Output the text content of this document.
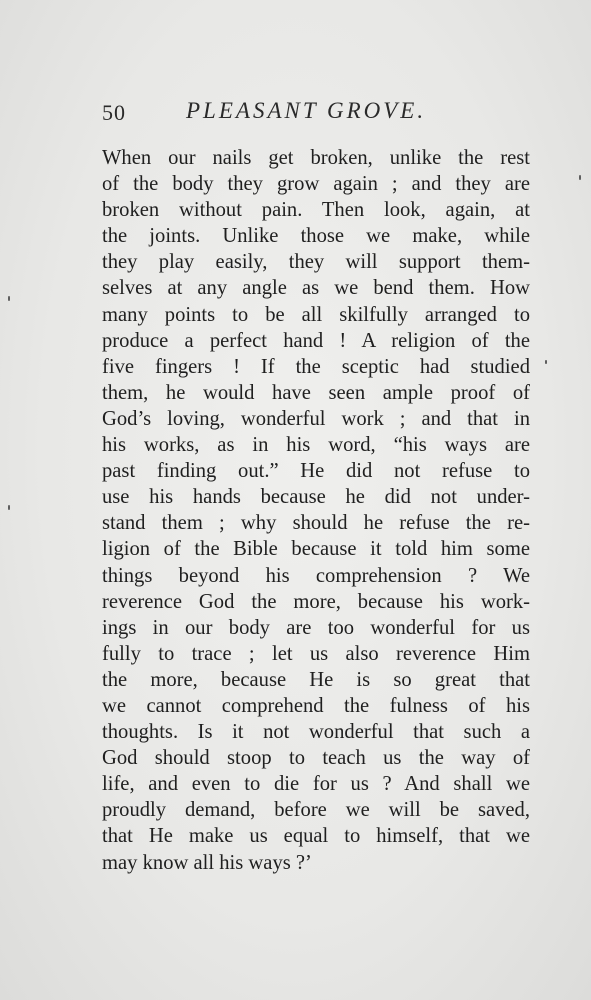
50	PLEASANT GROVE.
When our nails get broken, unlike the rest
of the body they grow again ; and they are
broken without pain. Then look, again, at
the joints. Unlike those we make, while
they play easily, they will support them-
selves at any angle as we bend them. How
many points to be all skilfully arranged to
produce a perfect hand ! A religion of the
five fingers ! If the sceptic had studied
them, he would have seen ample proof of
God’s loving, wonderful work ; and that in
his works, as in his word, “his ways are
past finding out.” He did not refuse to
use his hands because he did not under-
stand them ; why should he refuse the re-
ligion of the Bible because it told him some
things beyond his comprehension ? We
reverence God the more, because his work-
ings in our body are too wonderful for us
fully to trace ; let us also reverence Him
the more, because He is so great that
we cannot comprehend the fulness of his
thoughts. Is it not wonderful that such a
God should stoop to teach us the way of
life, and even to die for us ? And shall we
proudly demand, before we will be saved,
that He make us equal to himself, that we
may know all his ways ?’
